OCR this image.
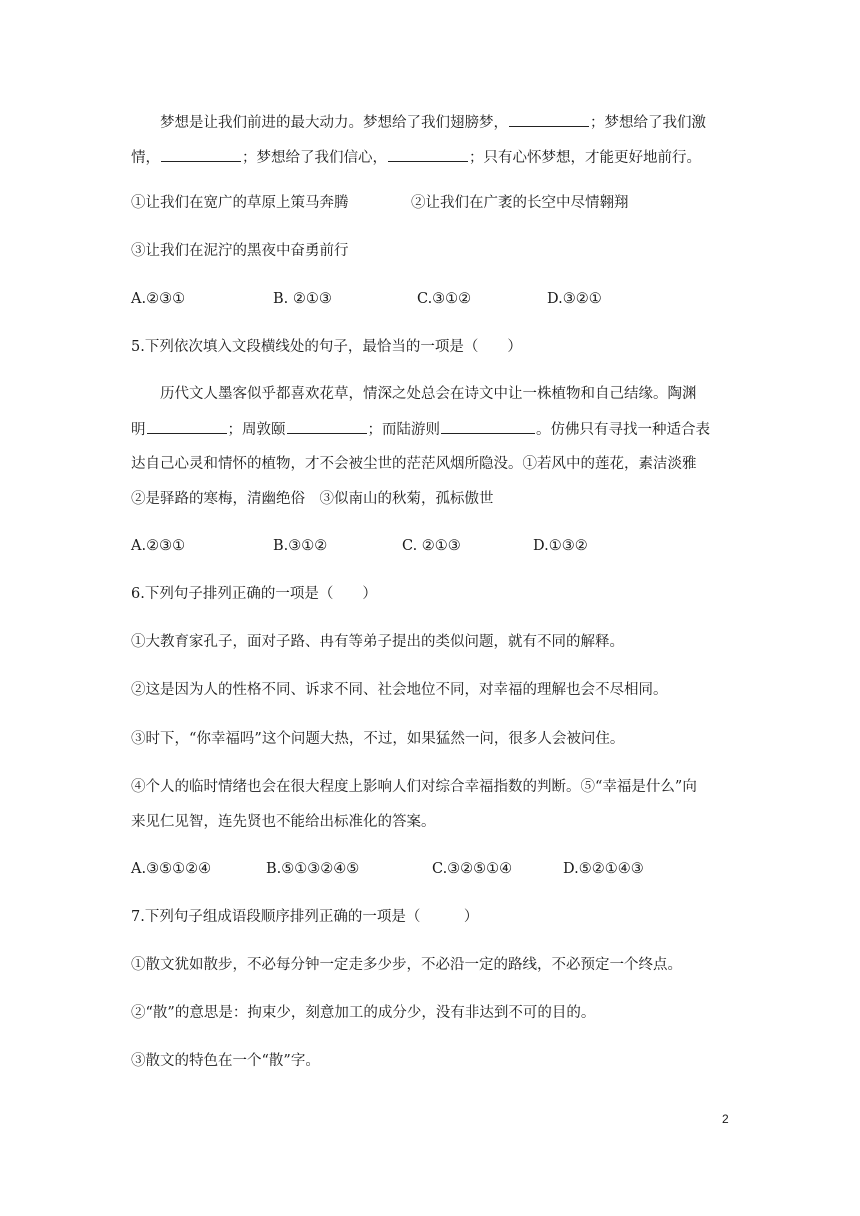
梦想是让我们前进的最大动力。梦想给了我们翅膀梦，	；梦想给了我们激
情，	；梦想给了我们信心，	；只有心怀梦想，才能更好地前行。
①让我们在宽广的草原上策马奔腾	②让我们在广袤的长空中尽情翱翔
③让我们在泥泞的黑夜中奋勇前行
A.②③①	B. ②①③	C.③①②	D.③②①
5.下列依次填入文段横线处的句子，最恰当的一项是（　　）
历代文人墨客似乎都喜欢花草，情深之处总会在诗文中让一株植物和自己结缘。陶渊
明	；周敦颐	；而陆游则	。仿佛只有寻找一种适合表
达自己心灵和情怀的植物，才不会被尘世的茫茫风烟所隐没。①若风中的莲花，素洁淡雅
②是驿路的寒梅，清幽绝俗　③似南山的秋菊，孤标傲世
A.②③①	B.③①②	C. ②①③	D.①③②
6.下列句子排列正确的一项是（　　）
①大教育家孔子，面对子路、冉有等弟子提出的类似问题，就有不同的解释。
②这是因为人的性格不同、诉求不同、社会地位不同，对幸福的理解也会不尽相同。
③时下，“你幸福吗”这个问题大热，不过，如果猛然一问，很多人会被问住。
④个人的临时情绪也会在很大程度上影响人们对综合幸福指数的判断。⑤“幸福是什么”向
来见仁见智，连先贤也不能给出标准化的答案。
A.③⑤①②④	B.⑤①③②④⑤	C.③②⑤①④	D.⑤②①④③
7.下列句子组成语段顺序排列正确的一项是（　　　）
①散文犹如散步，不必每分钟一定走多少步，不必沿一定的路线，不必预定一个终点。
②“散”的意思是：拘束少，刻意加工的成分少，没有非达到不可的目的。
③散文的特色在一个“散”字。
2
